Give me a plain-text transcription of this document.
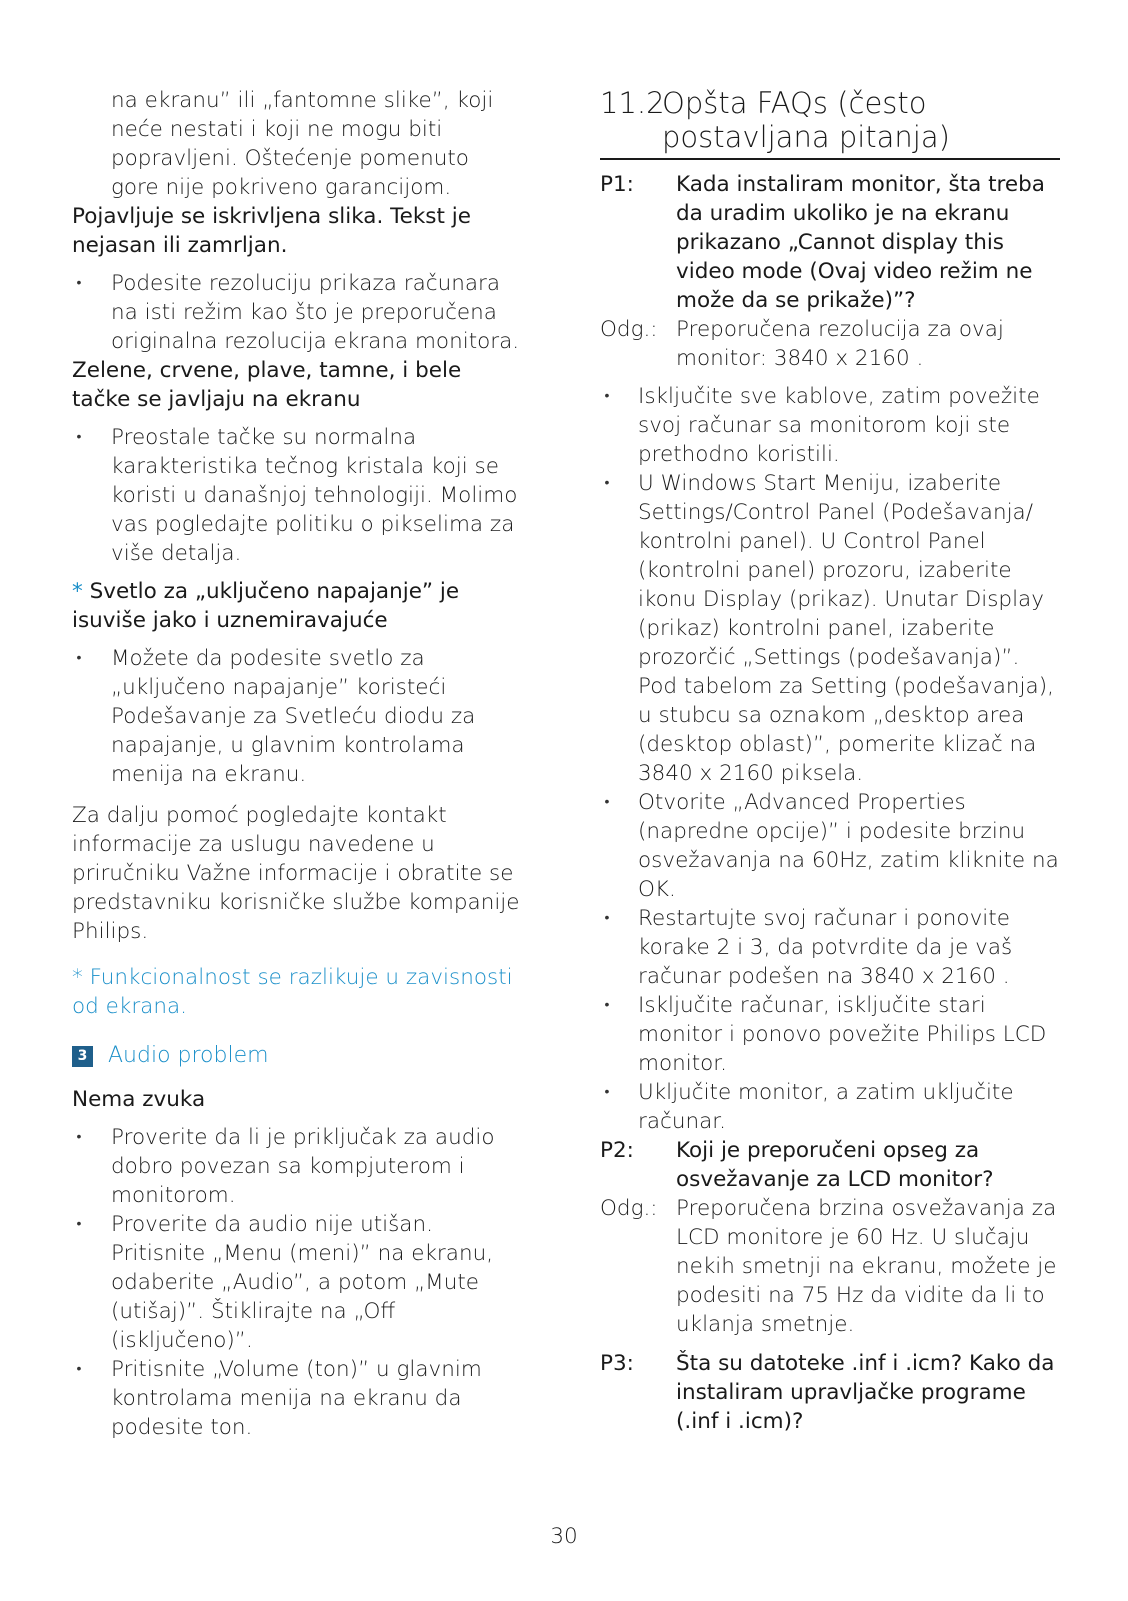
na ekranu” ili „fantomne slike”, koji neće nestati i koji ne mogu biti popravljeni. Oštećenje pomenuto gore nije pokriveno garancijom.
Pojavljuje se iskrivljena slika. Tekst je nejasan ili zamrljan.
• Podesite rezoluciju prikaza računara na isti režim kao što je preporučena originalna rezolucija ekrana monitora.
Zelene, crvene, plave, tamne, i bele tačke se javljaju na ekranu
• Preostale tačke su normalna karakteristika tečnog kristala koji se koristi u današnjoj tehnologiji. Molimo vas pogledajte politiku o pikselima za više detalja.
* Svetlo za „uključeno napajanje” je isuviše jako i uznemiravajuće
• Možete da podesite svetlo za „uključeno napajanje” koristeći Podešavanje za Svetleću diodu za napajanje, u glavnim kontrolama menija na ekranu.
Za dalju pomoć pogledajte kontakt informacije za uslugu navedene u priručniku Važne informacije i obratite se predstavniku korisničke službe kompanije Philips.
* Funkcionalnost se razlikuje u zavisnosti od ekrana.
3 Audio problem
Nema zvuka
• Proverite da li je priključak za audio dobro povezan sa kompjuterom i monitorom.
• Proverite da audio nije utišan. Pritisnite „Menu (meni)” na ekranu, odaberite „Audio”, a potom „Mute (utišaj)”. Štiklirajte na „Off (isključeno)”.
• Pritisnite „Volume (ton)” u glavnim kontrolama menija na ekranu da podesite ton.
11.2
Opšta FAQs (često postavljana pitanja)
P1:	Kada instaliram monitor, šta treba da uradim ukoliko je na ekranu prikazano „Cannot display this video mode (Ovaj video režim ne može da se prikaže)”?
Odg.: Preporučena rezolucija za ovaj monitor: 3840 x 2160 .
• Isključite sve kablove, zatim povežite svoj računar sa monitorom koji ste prethodno koristili.
• U Windows Start Meniju, izaberite Settings/Control Panel (Podešavanja/ kontrolni panel). U Control Panel (kontrolni panel) prozoru, izaberite ikonu Display (prikaz). Unutar Display (prikaz) kontrolni panel, izaberite prozorčić „Settings (podešavanja)”. Pod tabelom za Setting (podešavanja), u stubcu sa oznakom „desktop area (desktop oblast)”, pomerite klizač na 3840 x 2160 piksela.
• Otvorite „Advanced Properties (napredne opcije)” i podesite brzinu osvežavanja na 60Hz, zatim kliknite na OK.
• Restartujte svoj računar i ponovite korake 2 i 3, da potvrdite da je vaš računar podešen na 3840 x 2160 .
• Isključite računar, isključite stari monitor i ponovo povežite Philips LCD monitor.
• Uključite monitor, a zatim uključite računar.
P2:	Koji je preporučeni opseg za osvežavanje za LCD monitor?
Odg.: Preporučena brzina osvežavanja za LCD monitore je 60 Hz. U slučaju nekih smetnji na ekranu, možete je podesiti na 75 Hz da vidite da li to uklanja smetnje.
P3:	Šta su datoteke .inf i .icm? Kako da instaliram upravljačke programe (.inf i .icm)?
30
